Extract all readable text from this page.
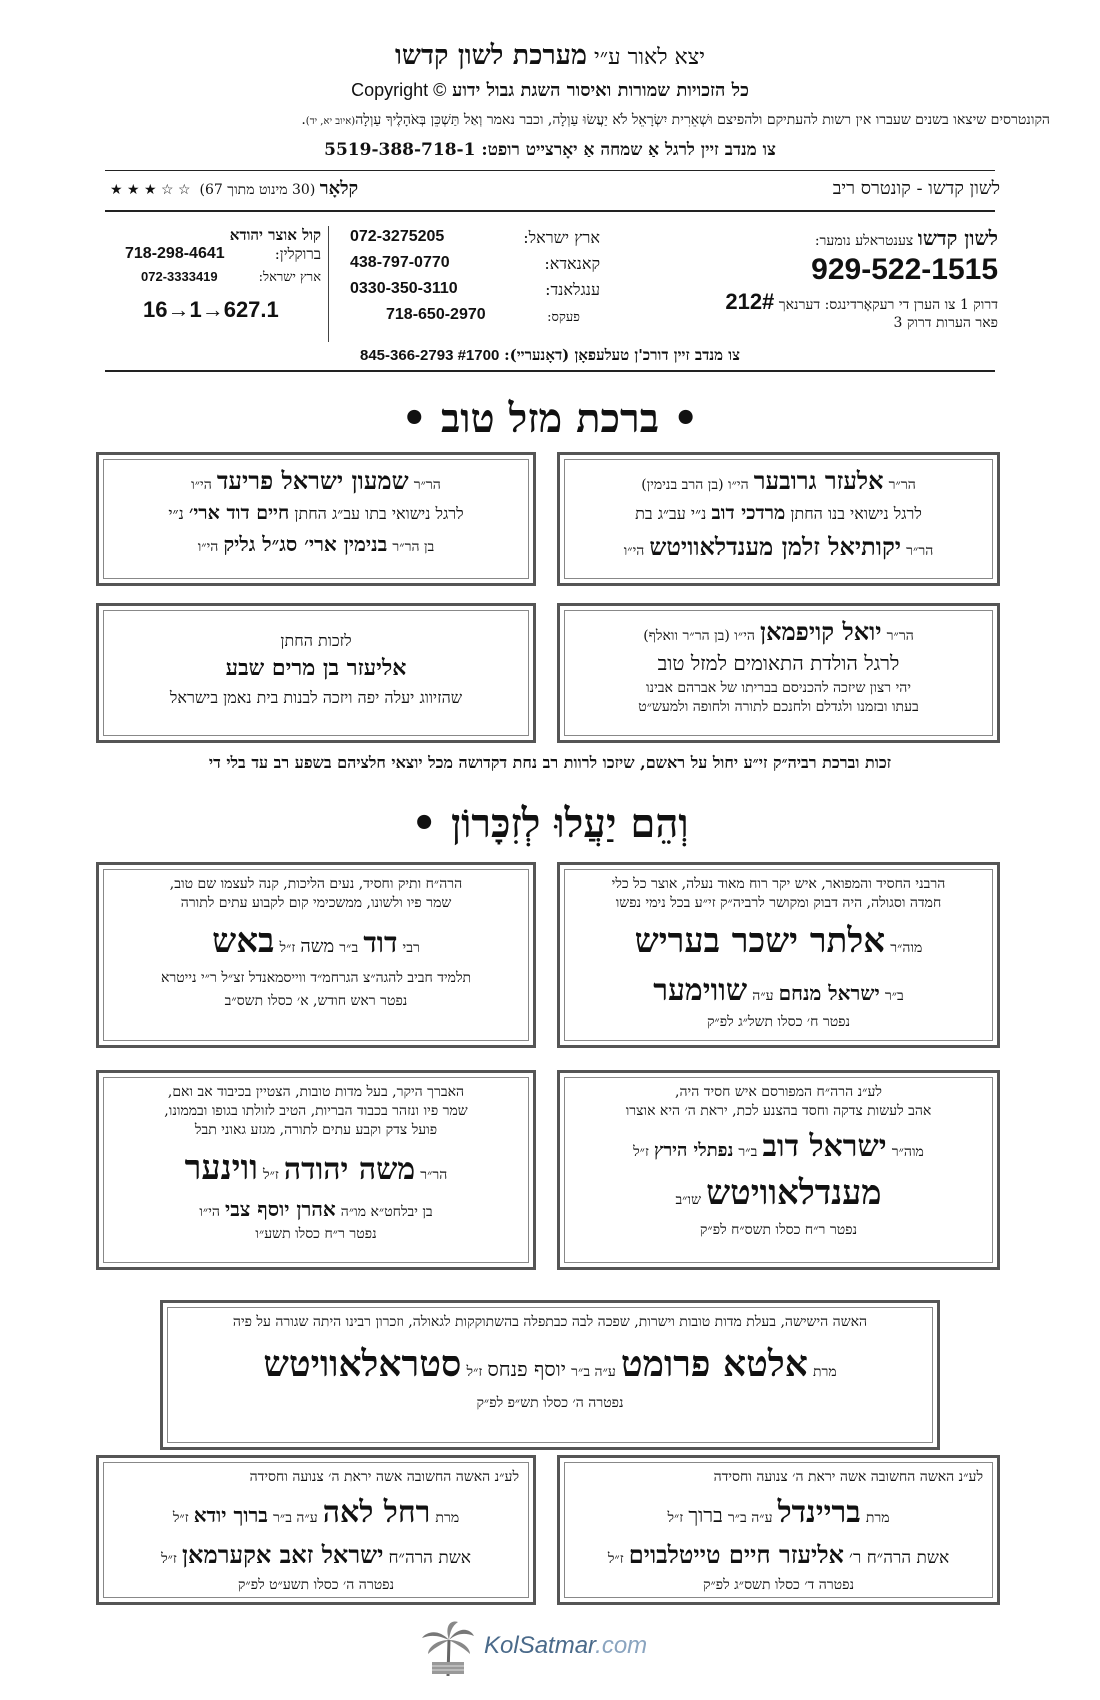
יצא לאור ע״י מערכת לשון קדשו
Copyright © כל הזכויות שמורות ואיסור השגת גבול ידוע
הקונטרסים שיצאו בשנים שעברו אין רשות להעתיקם ולהפיצם וּשְׁאֵרִית יִשְׂרָאֵל לֹא יַעֲשׂוּ עַוְלָה, וכבר נאמר וְאַל תַּשְׁכֵּן בְּאֹהָלֶיךָ עַוְלָה(איוב יא, יד).
צו מנדב זיין לרגל אַ שמחה אַ יאָרצייט רופט: 5519-388-718-1
לשון קדשו - קונטרס ריב
★ ★ ★ ☆ ☆ (30 מינוט מתוך 67) קלאָר
לשון קדשו צענטראלע נומער:
929-522-1515
דרוק 1 צו הערן די רעקאָרדינגס: דערנאך 212#
פאר הערות דרוק 3
ארץ ישראל:
072-3275205
קאנאדא:
438-797-0770
ענגלאנד:
0330-350-3110
פעקס:
718-650-2970
קול אוצר יהודא
ברוקלין:
718-298-4641
ארץ ישראל:
072-3333419
16→1→627.1
845-366-2793 #1700 צו מנדב זיין דורכ'ן טעלעפאָן (דאָנעריי):
• ברכת מזל טוב •
הר״ר אלעזר גרובער הי״ו (בן הרב בנימין)
לרגל נישואי בנו החתן מרדכי דוב נ״י עב״ג בת
הר״ר יקותיאל זלמן מענדלאוויטש הי״ו
הר״ר שמעון ישראל פריעד הי״ו
לרגל נישואי בתו עב״ג החתן חיים דוד ארי׳ נ״י
בן הר״ר בנימין ארי׳ סג״ל גליק הי״ו
הר״ר יואל קויפמאן הי״ו (בן הר״ר וואלף)
לרגל הולדת התאומים למזל טוב
יהי רצון שיזכה להכניסם בבריתו של אברהם אבינו
בעתו ובזמנו ולגדלם ולחנכם לתורה ולחופה ולמעש״ט
לזכות החתן
אליעזר בן מרים שבע
שהזיווג יעלה יפה ויזכה לבנות בית נאמן בישראל
זכות וברכת רביה״ק זי״ע יחול על ראשם, שיזכו לרוות רב נחת דקדושה מכל יוצאי חלציהם בשפע רב עד בלי די
וְהֵם יַעֲלוּ לְזִכָּרוֹן •
הרבני החסיד והמפואר, איש יקר רוח מאוד נעלה, אוצר כל כלי
חמדה וסגולה, היה דבוק ומקושר לרביה״ק זי״ע בכל נימי נפשו
מוה״ר אלתר ישכר בעריש
ב״ר ישראל מנחם ע״ה שווימער
נפטר ח׳ כסלו תשל״ג לפ״ק
הרה״ח ותיק וחסיד, נעים הליכות, קנה לעצמו שם טוב,
שמר פיו ולשונו, ממשכימי קום לקבוע עתים לתורה
רבי דוד ב״ר משה ז״ל באש
תלמיד חביב להגה״צ הגרחמ״ד ווייסמאנדל זצ״ל ר״י נייטרא
נפטר ראש חודש, א׳ כסלו תשס״ב
לע״נ הרה״ח המפורסם איש חסיד היה,
אהב לעשות צדקה וחסד בהצנע לכת, יראת ה׳ היא אוצרו
מוה״ר ישראל דוב ב״ר נפתלי הירץ ז״ל
מענדלאוויטש שו״ב
נפטר ר״ח כסלו תשס״ח לפ״ק
האברך היקר, בעל מדות טובות, הצטיין בכיבוד אב ואם,
שמר פיו ונזהר בכבוד הבריות, הטיב לזולתו בגופו ובממונו,
פועל צדק וקבע עתים לתורה, מגזע גאוני תבל
הר״ר משה יהודה ז״ל ווינער
בן יבלחט״א מו״ה אהרן יוסף צבי הי״ו
נפטר ר״ח כסלו תשע״ו
האשה הישישה, בעלת מדות טובות וישרות, שפכה לבה כבתפלה בהשתוקקות לגאולה, וזכרון רבינו היתה שגורה על פיה
מרת אלטא פרומט ע״ה ב״ר יוסף פנחס ז״ל סטראלאוויטש
נפטרה ה׳ כסלו תש״פ לפ״ק
לע״נ האשה החשובה אשה יראת ה׳ צנועה וחסידה
מרת בריינדל ע״ה ב״ר ברוך ז״ל
אשת הרה״ח ר׳ אליעזר חיים טייטלבוים ז״ל
נפטרה ד׳ כסלו תשס״ג לפ״ק
לע״נ האשה החשובה אשה יראת ה׳ צנועה וחסידה
מרת רחל לאה ע״ה ב״ר ברוך יודא ז״ל
אשת הרה״ח ישראל זאב אקערמאן ז״ל
נפטרה ה׳ כסלו תשע״ט לפ״ק
KolSatmar.com
